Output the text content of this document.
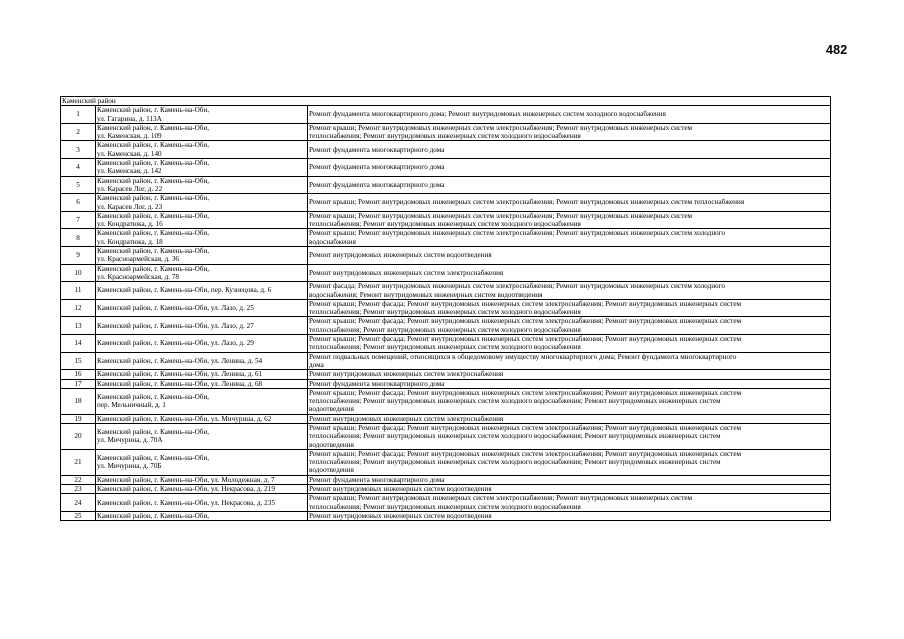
482
Каменский район		
1	Каменский район, г. Камень-на-Оби,
ул. Гагарина, д. 113А	Ремонт фундамента многоквартирного дома; Ремонт внутридомовых инженерных систем холодного водоснабжения
2	Каменский район, г. Камень-на-Оби,
ул. Каменская, д. 109	Ремонт крыши; Ремонт внутридомовых инженерных систем электроснабжения; Ремонт внутридомовых инженерных систем
теплоснабжения; Ремонт внутридомовых инженерных систем холодного водоснабжения
3	Каменский район, г. Камень-на-Оби,
ул. Каменская, д. 140	Ремонт фундамента многоквартирного дома
4	Каменский район, г. Камень-на-Оби,
ул. Каменская, д. 142	Ремонт фундамента многоквартирного дома
5	Каменский район, г. Камень-на-Оби,
ул. Карасев Лог, д. 22	Ремонт фундамента многоквартирного дома
6	Каменский район, г. Камень-на-Оби,
ул. Карасев Лог, д. 23	Ремонт крыши; Ремонт внутридомовых инженерных систем электроснабжения; Ремонт внутридомовых инженерных систем теплоснабжения
7	Каменский район, г. Камень-на-Оби,
ул. Кондратюка, д. 16	Ремонт крыши; Ремонт внутридомовых инженерных систем электроснабжения; Ремонт внутридомовых инженерных систем
теплоснабжения; Ремонт внутридомовых инженерных систем холодного водоснабжения
8	Каменский район, г. Камень-на-Оби,
ул. Кондратюка, д. 18	Ремонт крыши; Ремонт внутридомовых инженерных систем электроснабжения; Ремонт внутридомовых инженерных систем холодного
водоснабжения
9	Каменский район, г. Камень-на-Оби,
ул. Красноармейская, д. 36	Ремонт внутридомовых инженерных систем водоотведения
10	Каменский район, г. Камень-на-Оби,
ул. Красноармейская, д. 78	Ремонт внутридомовых инженерных систем электроснабжения
11	Каменский район, г. Камень-на-Оби, пер. Кузнецова, д. 6	Ремонт фасада; Ремонт внутридомовых инженерных систем электроснабжения; Ремонт внутридомовых инженерных систем холодного
водоснабжения; Ремонт внутридомовых инженерных систем водоотведения
12	Каменский район, г. Камень-на-Оби, ул. Лазо, д. 25	Ремонт крыши; Ремонт фасада; Ремонт внутридомовых инженерных систем электроснабжения; Ремонт внутридомовых инженерных систем
теплоснабжения; Ремонт внутридомовых инженерных систем холодного водоснабжения
13	Каменский район, г. Камень-на-Оби, ул. Лазо, д. 27	Ремонт крыши; Ремонт фасада; Ремонт внутридомовых инженерных систем электроснабжения; Ремонт внутридомовых инженерных систем
теплоснабжения; Ремонт внутридомовых инженерных систем холодного водоснабжения
14	Каменский район, г. Камень-на-Оби, ул. Лазо, д. 29	Ремонт крыши; Ремонт фасада; Ремонт внутридомовых инженерных систем электроснабжения; Ремонт внутридомовых инженерных систем
теплоснабжения; Ремонт внутридомовых инженерных систем холодного водоснабжения
15	Каменский район, г. Камень-на-Оби, ул. Ленина, д. 54	Ремонт подвальных помещений, относящихся к общедомовому имуществу многоквартирного дома; Ремонт фундамента многоквартирного
дома
16	Каменский район, г. Камень-на-Оби, ул. Ленина, д. 61	Ремонт внутридомовых инженерных систем электроснабжения
17	Каменский район, г. Камень-на-Оби, ул. Ленина, д. 68	Ремонт фундамента многоквартирного дома
18	Каменский район, г. Камень-на-Оби,
пер. Мельничный, д. 1	Ремонт крыши; Ремонт фасада; Ремонт внутридомовых инженерных систем электроснабжения; Ремонт внутридомовых инженерных систем
теплоснабжения; Ремонт внутридомовых инженерных систем холодного водоснабжения; Ремонт внутридомовых инженерных систем
водоотведения
19	Каменский район, г. Камень-на-Оби, ул. Мичурина, д. 62	Ремонт внутридомовых инженерных систем электроснабжения
20	Каменский район, г. Камень-на-Оби,
ул. Мичурина, д. 70А	Ремонт крыши; Ремонт фасада; Ремонт внутридомовых инженерных систем электроснабжения; Ремонт внутридомовых инженерных систем
теплоснабжения; Ремонт внутридомовых инженерных систем холодного водоснабжения; Ремонт внутридомовых инженерных систем
водоотведения
21	Каменский район, г. Камень-на-Оби,
ул. Мичурина, д. 70Б	Ремонт крыши; Ремонт фасада; Ремонт внутридомовых инженерных систем электроснабжения; Ремонт внутридомовых инженерных систем
теплоснабжения; Ремонт внутридомовых инженерных систем холодного водоснабжения; Ремонт внутридомовых инженерных систем
водоотведения
22	Каменский район, г. Камень-на-Оби, ул. Молодежная, д. 7	Ремонт фундамента многоквартирного дома
23	Каменский район, г. Камень-на-Оби, ул. Некрасова, д. 219	Ремонт внутридомовых инженерных систем водоотведения
24	Каменский район, г. Камень-на-Оби, ул. Некрасова, д. 235	Ремонт крыши; Ремонт внутридомовых инженерных систем электроснабжения; Ремонт внутридомовых инженерных систем
теплоснабжения; Ремонт внутридомовых инженерных систем холодного водоснабжения
25	Каменский район, г. Камень-на-Оби,	Ремонт внутридомовых инженерных систем водоотведения
